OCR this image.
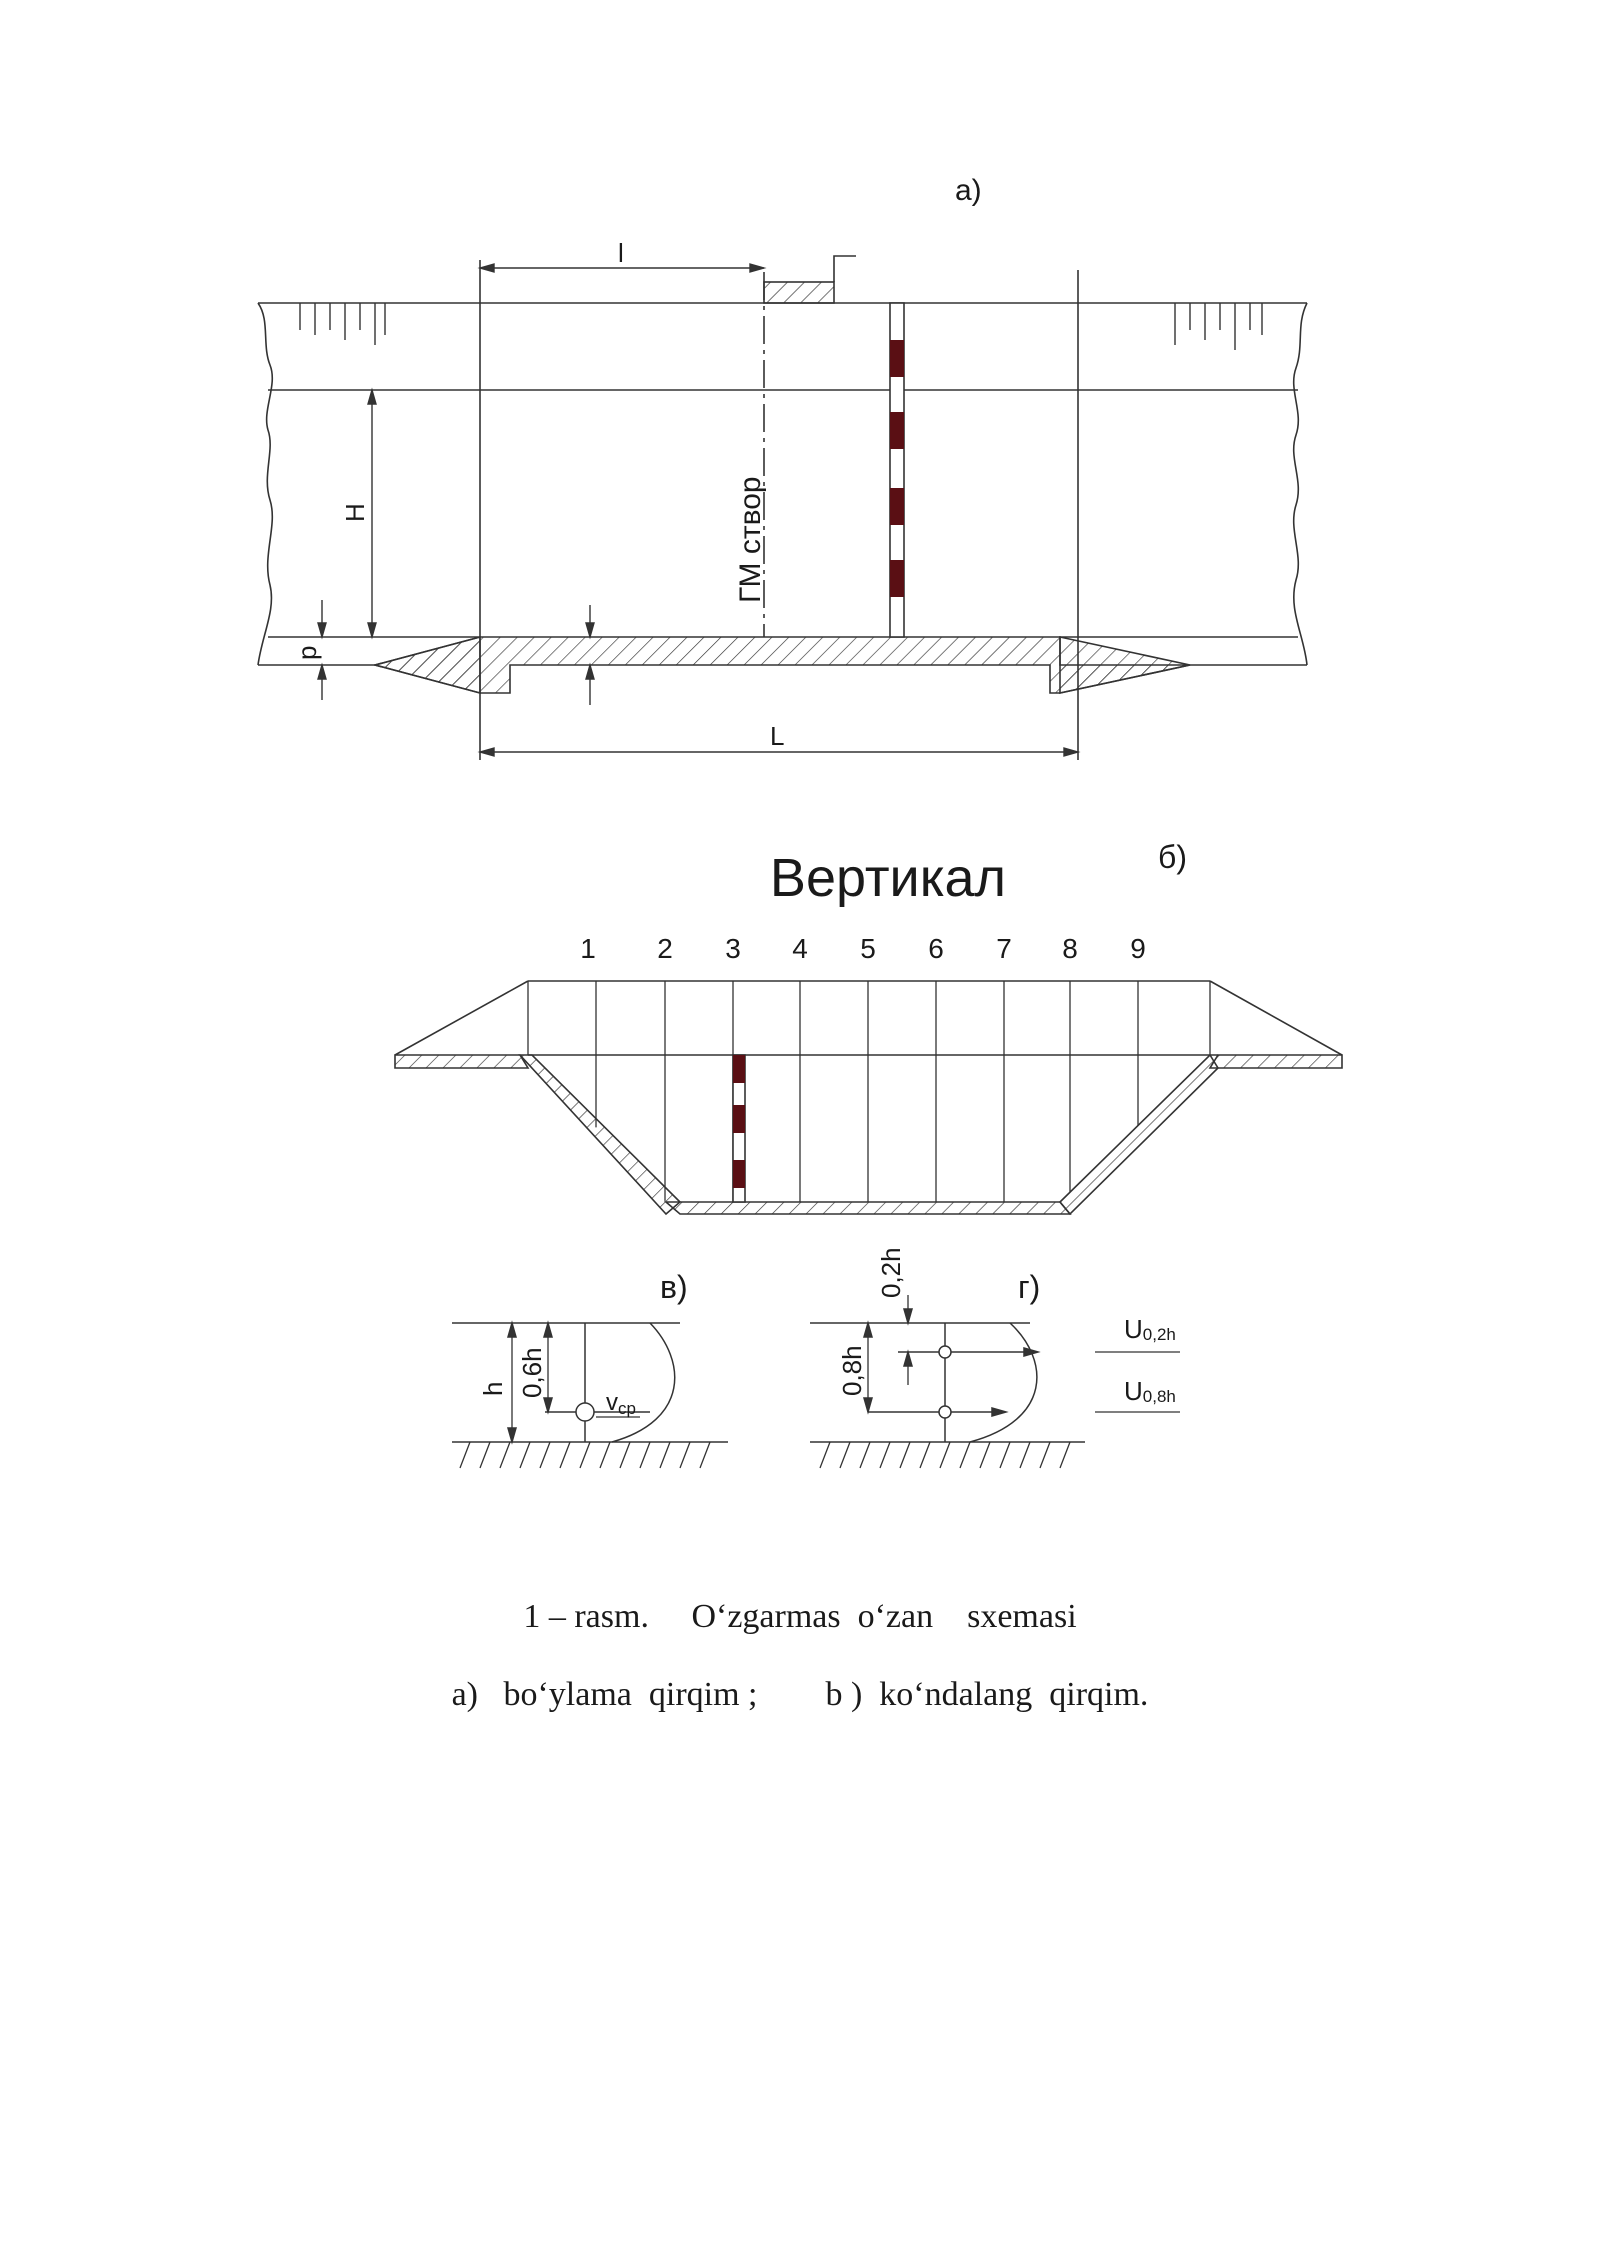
а)
l
H
p
L
ГМ створ
б)
Вертикал
1 2 3 4 5 6 7 8 9
в)
h 0,6h
vср
г)
0,2h
0,8h
U0,2h
U0,8h
1 – rasm.     O‘zgarmas  o‘zan    sxemasi
a)   bo‘ylama  qirqim ;        b )  ko‘ndalang  qirqim.
